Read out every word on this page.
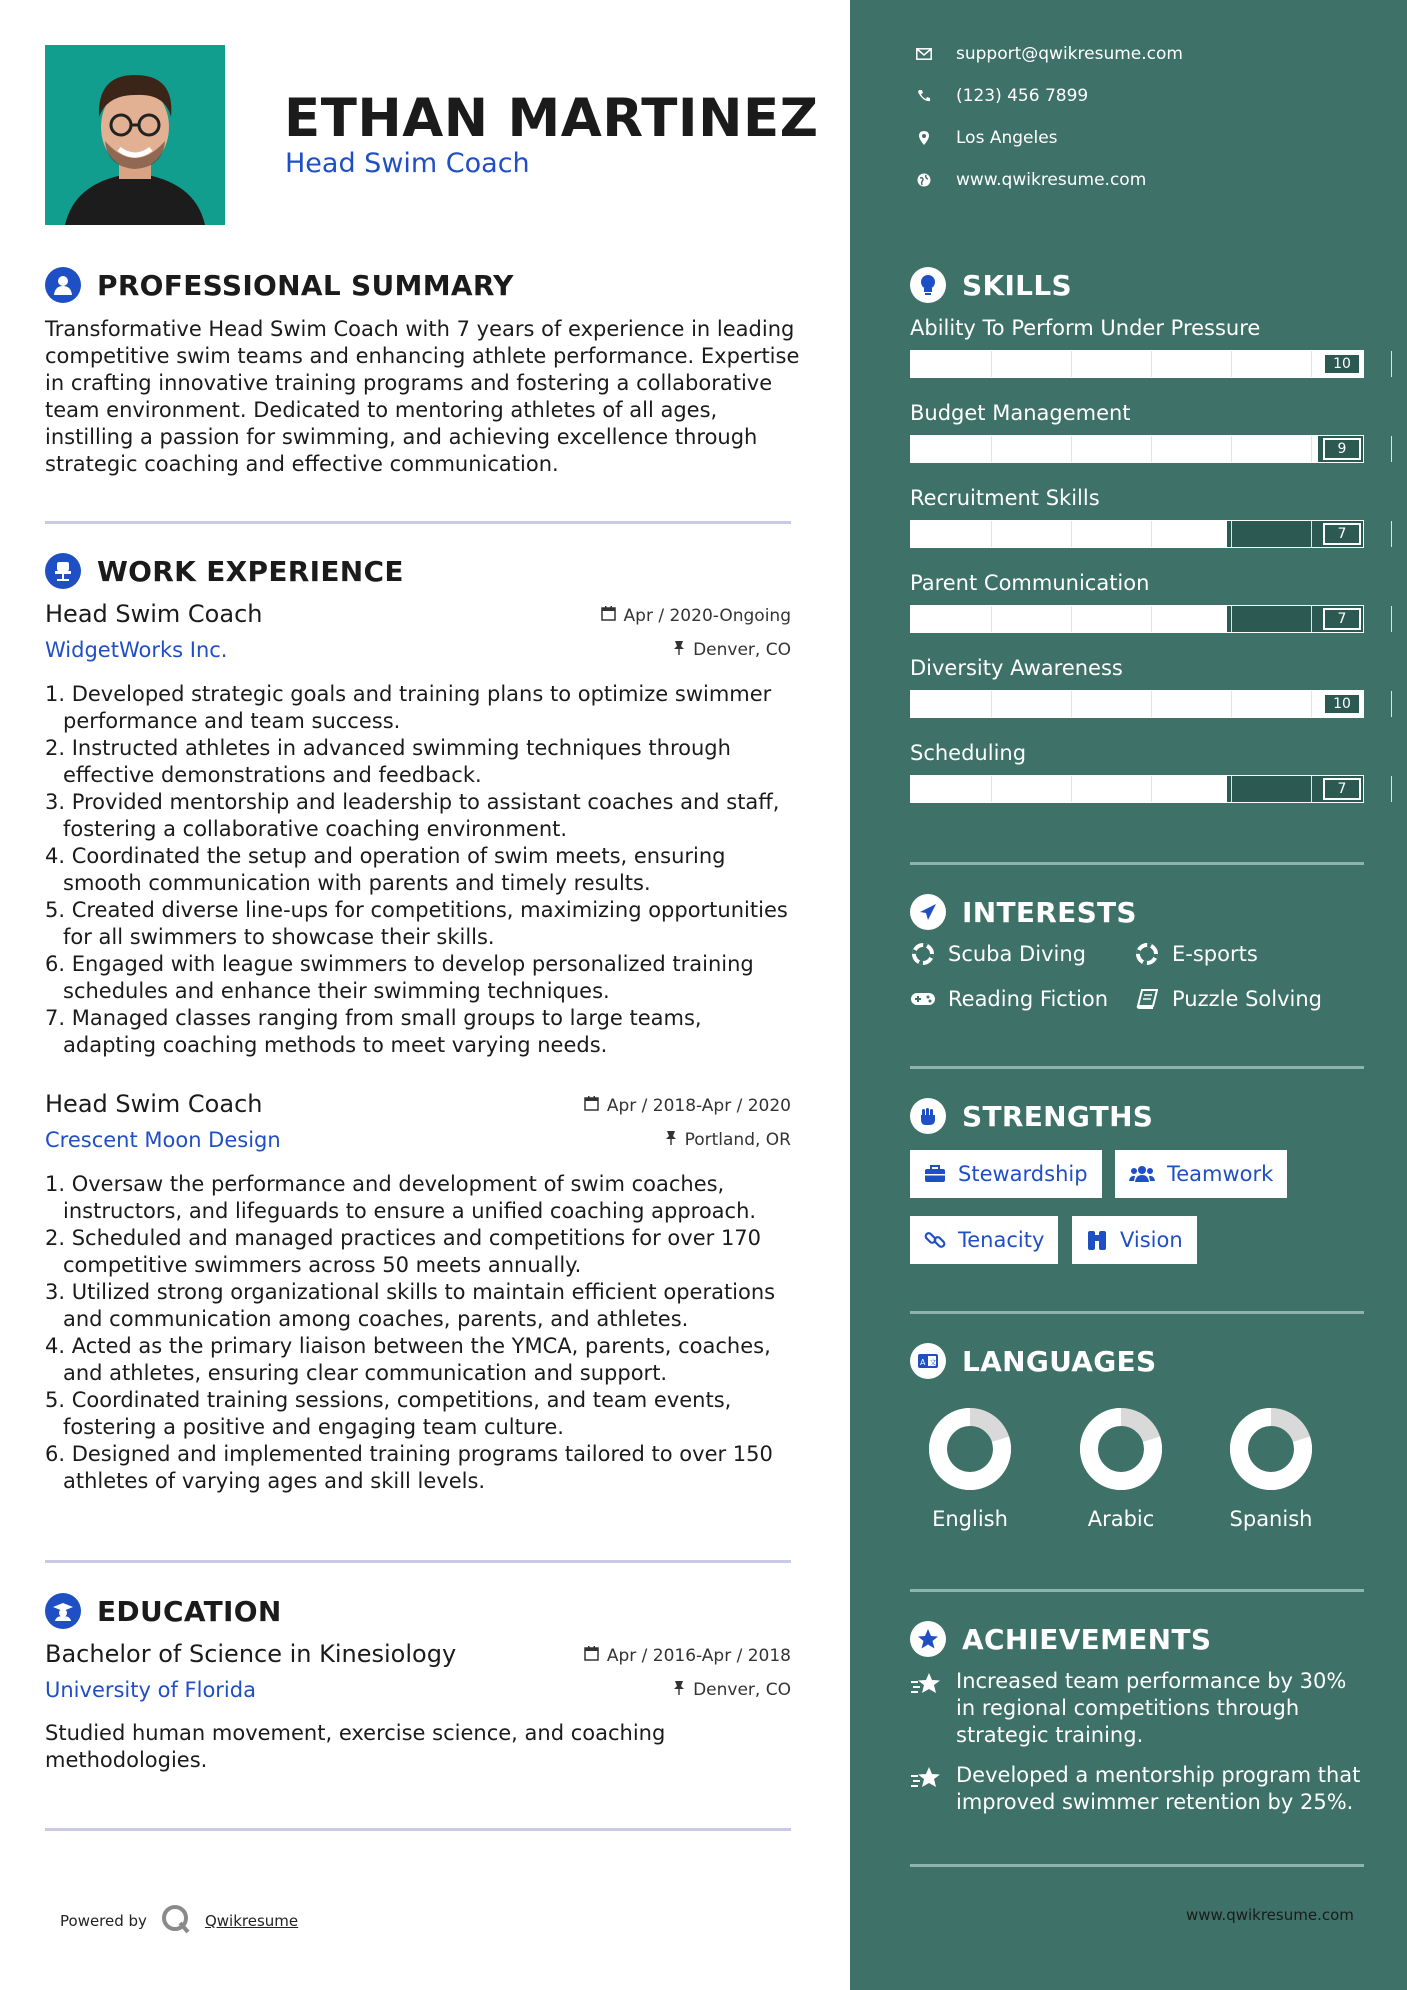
ETHAN MARTINEZ
Head Swim Coach
PROFESSIONAL SUMMARY
Transformative Head Swim Coach with 7 years of experience in leading competitive swim teams and enhancing athlete performance. Expertise in crafting innovative training programs and fostering a collaborative team environment. Dedicated to mentoring athletes of all ages, instilling a passion for swimming, and achieving excellence through strategic coaching and effective communication.
WORK EXPERIENCE
Head Swim Coach
WidgetWorks Inc.
Apr / 2020-Ongoing
Denver, CO
1. Developed strategic goals and training plans to optimize swimmer performance and team success.
2. Instructed athletes in advanced swimming techniques through effective demonstrations and feedback.
3. Provided mentorship and leadership to assistant coaches and staff, fostering a collaborative coaching environment.
4. Coordinated the setup and operation of swim meets, ensuring smooth communication with parents and timely results.
5. Created diverse line-ups for competitions, maximizing opportunities for all swimmers to showcase their skills.
6. Engaged with league swimmers to develop personalized training schedules and enhance their swimming techniques.
7. Managed classes ranging from small groups to large teams, adapting coaching methods to meet varying needs.
Head Swim Coach
Crescent Moon Design
Apr / 2018-Apr / 2020
Portland, OR
1. Oversaw the performance and development of swim coaches, instructors, and lifeguards to ensure a unified coaching approach.
2. Scheduled and managed practices and competitions for over 170 competitive swimmers across 50 meets annually.
3. Utilized strong organizational skills to maintain efficient operations and communication among coaches, parents, and athletes.
4. Acted as the primary liaison between the YMCA, parents, coaches, and athletes, ensuring clear communication and support.
5. Coordinated training sessions, competitions, and team events, fostering a positive and engaging team culture.
6. Designed and implemented training programs tailored to over 150 athletes of varying ages and skill levels.
EDUCATION
Bachelor of Science in Kinesiology
University of Florida
Apr / 2016-Apr / 2018
Denver, CO
Studied human movement, exercise science, and coaching methodologies.
Powered by	Qwikresume
support@qwikresume.com
(123) 456 7899
Los Angeles
www.qwikresume.com
SKILLS
Ability To Perform Under Pressure
10
Budget Management
9
Recruitment Skills
7
Parent Communication
7
Diversity Awareness
10
Scheduling
7
INTERESTS
Scuba Diving	E-sports
Reading Fiction	Puzzle Solving
STRENGTHS
Stewardship	Teamwork
Tenacity	Vision
A 文 LANGUAGES
English	Arabic	Spanish
ACHIEVEMENTS
Increased team performance by 30% in regional competitions through strategic training.
Developed a mentorship program that improved swimmer retention by 25%.
www.qwikresume.com
